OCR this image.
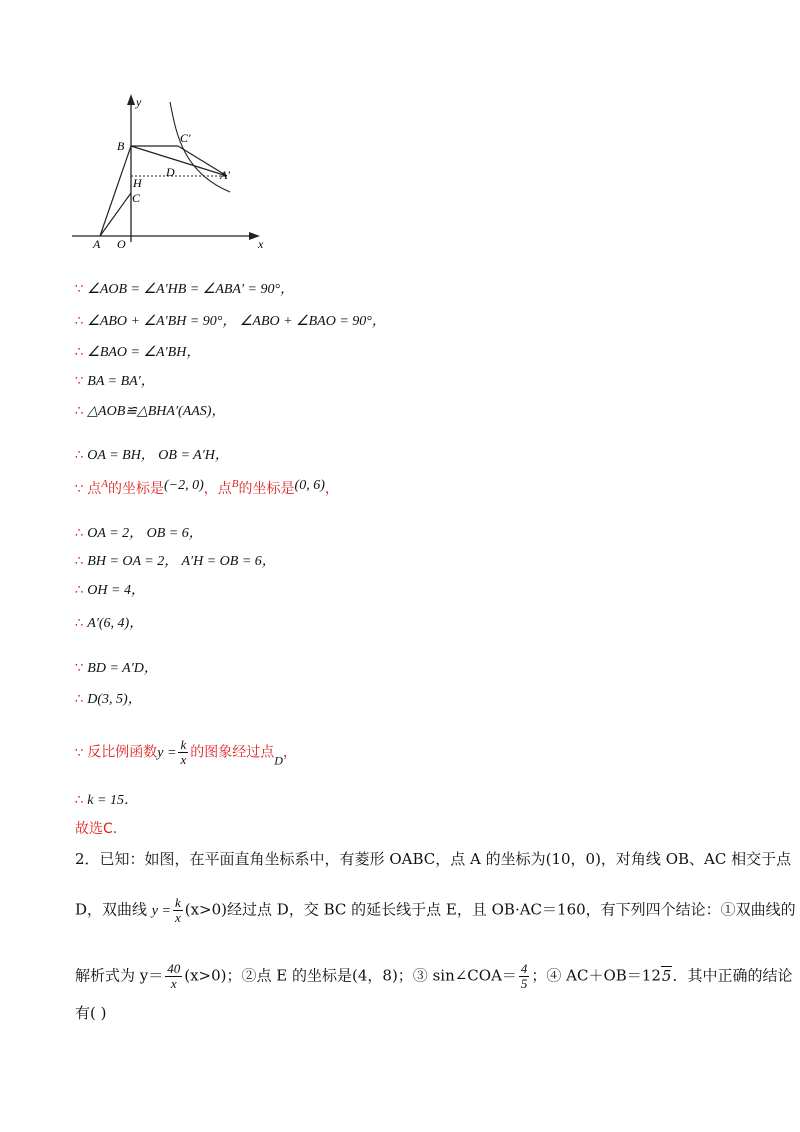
y
x
B
C′
D	A′
H
C
A O
∵ ∠AOB = ∠A′HB = ∠ABA′ = 90°，
∴ ∠ABO + ∠A′BH = 90°， ∠ABO + ∠BAO = 90°，
∴ ∠BAO = ∠A′BH，
∵ BA = BA′，
∴ △AOB≌△BHA′(AAS)，
∴ OA = BH， OB = A′H，
∵ 点$^A$的坐标是(−2, 0)，点$^B$的坐标是(0, 6)，
∴ OA = 2， OB = 6，
∴ BH = OA = 2， A′H = OB = 6，
∴ OH = 4，
∴ A′(6, 4)，
∵ BD = A′D，
∴ D(3, 5)，
∵ 反比例函数$y = \frac{k}{x}$ 的图象经过点D，
∴ k = 15．
故选C．
2．已知：如图，在平面直角坐标系中，有菱形 OABC，点 A 的坐标为(10，0)，对角线 OB、AC 相交于点
D，双曲线 $y = \frac{k}{x} (x>0)$经过点 D，交 BC 的延长线于点 E，且 OB·AC＝160，有下列四个结论：①双曲线的
解析式为 $y= \frac{40}{x} (x>0)$；②点 E 的坐标是(4，8)；③ sin∠COA＝ $\frac{4}{5}$ ；④ AC＋OB＝125．其中正确的结论
有( )
